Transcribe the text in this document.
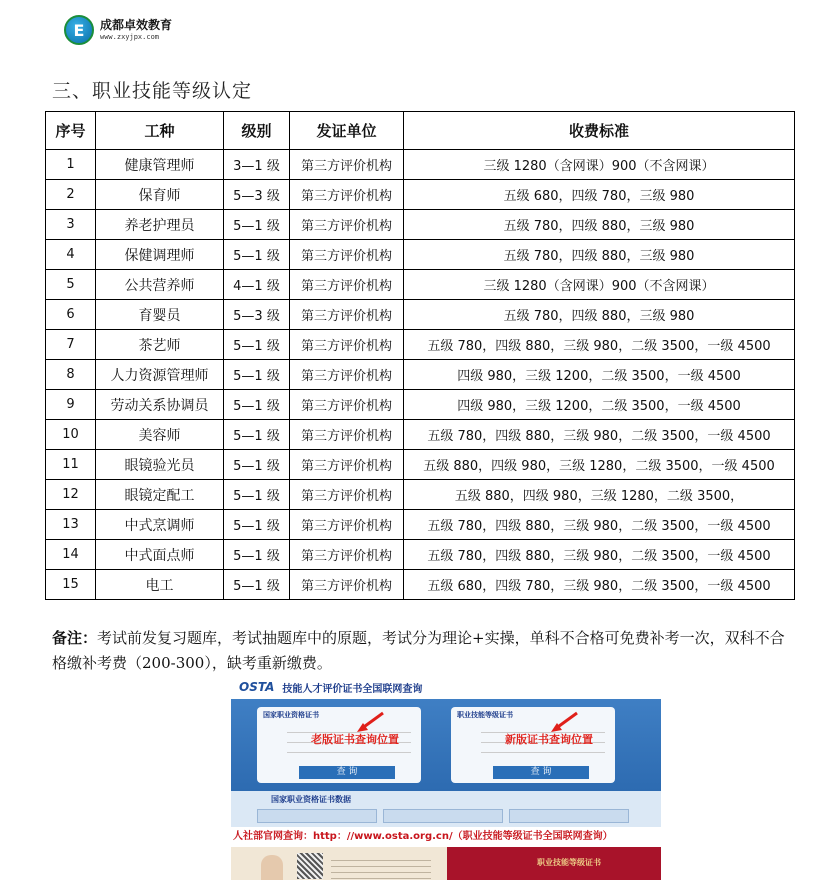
E 成都卓效教育
www.zxyjpx.com
三、职业技能等级认定
序号	工种	级别	发证单位	收费标准
1	健康管理师	3—1 级	第三方评价机构	三级 1280（含网课）900（不含网课）
2	保育师	5—3 级	第三方评价机构	五级 680，四级 780，三级 980
3	养老护理员	5—1 级	第三方评价机构	五级 780，四级 880，三级 980
4	保健调理师	5—1 级	第三方评价机构	五级 780，四级 880，三级 980
5	公共营养师	4—1 级	第三方评价机构	三级 1280（含网课）900（不含网课）
6	育婴员	5—3 级	第三方评价机构	五级 780，四级 880，三级 980
7	茶艺师	5—1 级	第三方评价机构	五级 780，四级 880，三级 980，二级 3500，一级 4500
8	人力资源管理师	5—1 级	第三方评价机构	四级 980，三级 1200，二级 3500，一级 4500
9	劳动关系协调员	5—1 级	第三方评价机构	四级 980，三级 1200，二级 3500，一级 4500
10	美容师	5—1 级	第三方评价机构	五级 780，四级 880，三级 980，二级 3500，一级 4500
11	眼镜验光员	5—1 级	第三方评价机构	五级 880，四级 980，三级 1280，二级 3500，一级 4500
12	眼镜定配工	5—1 级	第三方评价机构	五级 880，四级 980，三级 1280，二级 3500，
13	中式烹调师	5—1 级	第三方评价机构	五级 780，四级 880，三级 980，二级 3500，一级 4500
14	中式面点师	5—1 级	第三方评价机构	五级 780，四级 880，三级 980，二级 3500，一级 4500
15	电工	5—1 级	第三方评价机构	五级 680，四级 780，三级 980，二级 3500，一级 4500
备注：考试前发复习题库，考试抽题库中的原题，考试分为理论+实操，单科不合格可免费补考一次，双科不合格缴补考费（200-300），缺考重新缴费。
OSTA 技能人才评价证书全国联网查询
国家职业资格证书
老版证书查询位置
查 询
职业技能等级证书
新版证书查询位置
查 询
国家职业资格证书数据
人社部官网查询：http：//www.osta.org.cn/（职业技能等级证书全国联网查询）
职业技能等级证书
